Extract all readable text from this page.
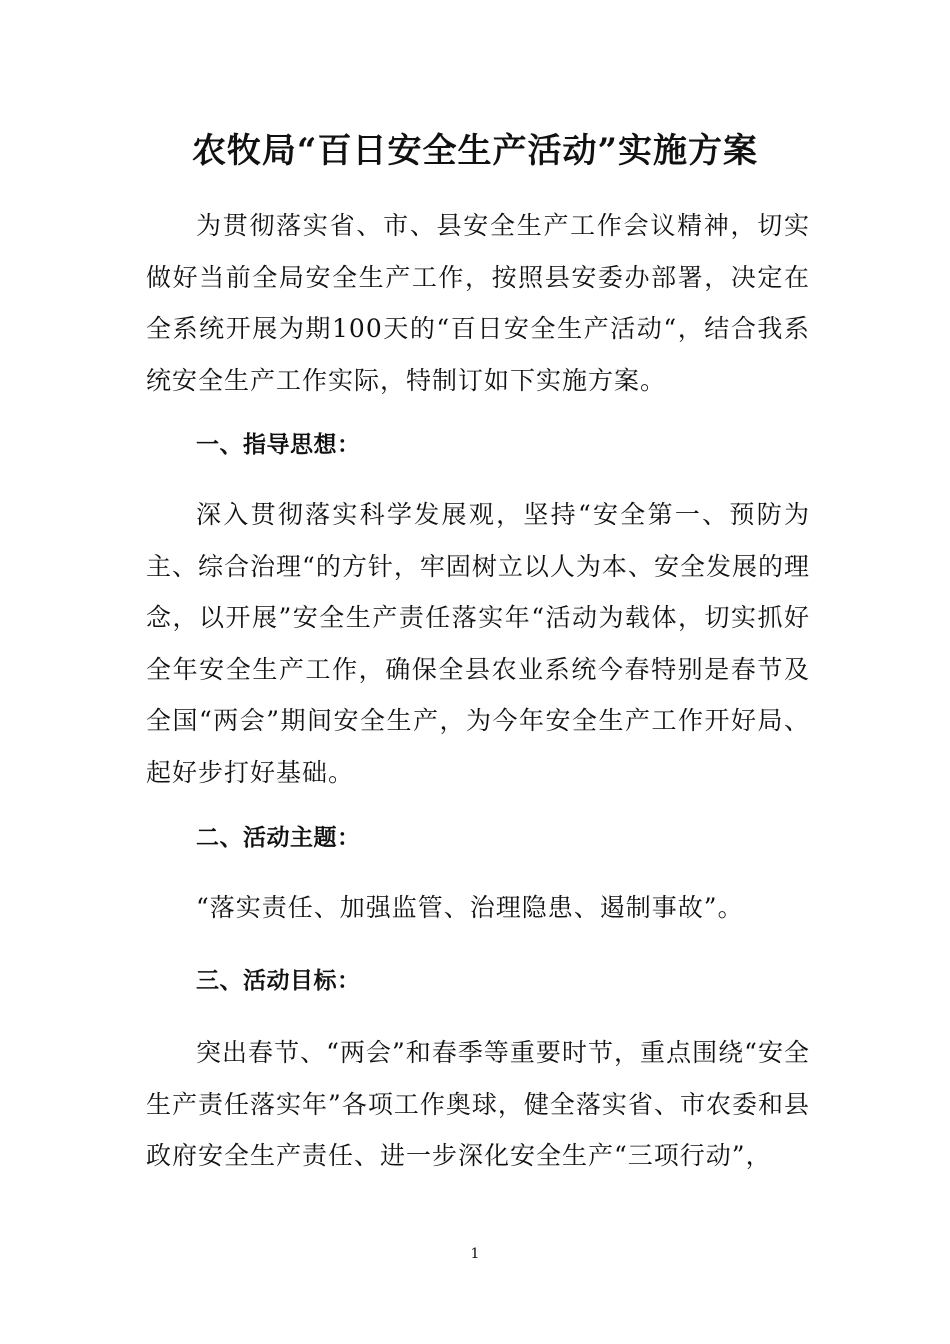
农牧局“百日安全生产活动”实施方案

为贯彻落实省、市、县安全生产工作会议精神，切实做好当前全局安全生产工作，按照县安委办部署，决定在全系统开展为期100天的“百日安全生产活动“，结合我系统安全生产工作实际，特制订如下实施方案。

一、指导思想：

深入贯彻落实科学发展观，坚持“安全第一、预防为主、综合治理“的方针，牢固树立以人为本、安全发展的理念，以开展”安全生产责任落实年“活动为载体，切实抓好全年安全生产工作，确保全县农业系统今春特别是春节及全国“两会”期间安全生产，为今年安全生产工作开好局、起好步打好基础。

二、活动主题：
“落实责任、加强监管、治理隐患、遏制事故”。
三、活动目标：

突出春节、“两会”和春季等重要时节，重点围绕“安全生产责任落实年”各项工作奥球，健全落实省、市农委和县政府安全生产责任、进一步深化安全生产“三项行动”，

1
